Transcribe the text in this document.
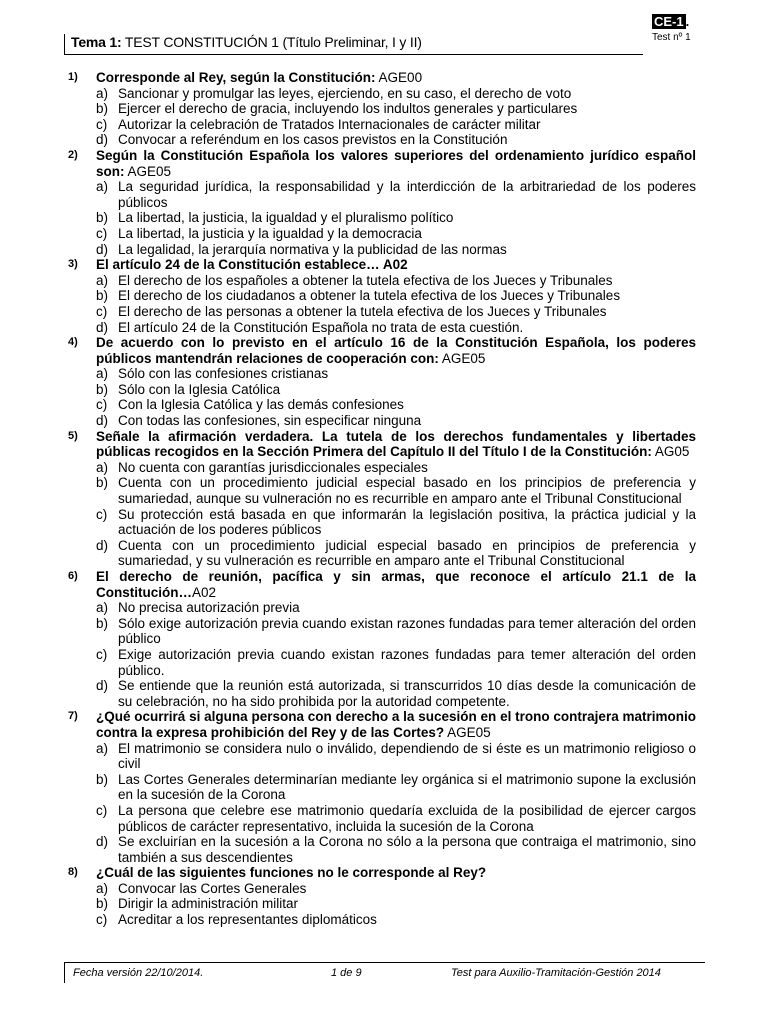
Tema 1: TEST CONSTITUCIÓN 1 (Título Preliminar, I y II)
CE-1 .
Test nº 1
1)	Corresponde al Rey, según la Constitución: AGE00
a) Sancionar y promulgar las leyes, ejerciendo, en su caso, el derecho de voto
b) Ejercer el derecho de gracia, incluyendo los indultos generales y particulares
c) Autorizar la celebración de Tratados Internacionales de carácter militar
d) Convocar a referéndum en los casos previstos en la Constitución
2)	Según la Constitución Española los valores superiores del ordenamiento jurídico español son: AGE05
a) La seguridad jurídica, la responsabilidad y la interdicción de la arbitrariedad de los poderes públicos
b) La libertad, la justicia, la igualdad y el pluralismo político
c) La libertad, la justicia y la igualdad y la democracia
d) La legalidad, la jerarquía normativa y la publicidad de las normas
3)	El artículo 24 de la Constitución establece… A02
a) El derecho de los españoles a obtener la tutela efectiva de los Jueces y Tribunales
b) El derecho de los ciudadanos a obtener la tutela efectiva de los Jueces y Tribunales
c) El derecho de las personas a obtener la tutela efectiva de los Jueces y Tribunales
d) El artículo 24 de la Constitución Española no trata de esta cuestión.
4)	De acuerdo con lo previsto en el artículo 16 de la Constitución Española, los poderes públicos mantendrán relaciones de cooperación con: AGE05
a) Sólo con las confesiones cristianas
b) Sólo con la Iglesia Católica
c) Con la Iglesia Católica y las demás confesiones
d) Con todas las confesiones, sin especificar ninguna
5)	Señale la afirmación verdadera. La tutela de los derechos fundamentales y libertades públicas recogidos en la Sección Primera del Capítulo II del Título I de la Constitución: AG05
a) No cuenta con garantías jurisdiccionales especiales
b) Cuenta con un procedimiento judicial especial basado en los principios de preferencia y sumariedad, aunque su vulneración no es recurrible en amparo ante el Tribunal Constitucional
c) Su protección está basada en que informarán la legislación positiva, la práctica judicial y la actuación de los poderes públicos
d) Cuenta con un procedimiento judicial especial basado en principios de preferencia y sumariedad, y su vulneración es recurrible en amparo ante el Tribunal Constitucional
6)	El derecho de reunión, pacífica y sin armas, que reconoce el artículo 21.1 de la Constitución…A02
a) No precisa autorización previa
b) Sólo exige autorización previa cuando existan razones fundadas para temer alteración del orden público
c) Exige autorización previa cuando existan razones fundadas para temer alteración del orden público.
d) Se entiende que la reunión está autorizada, si transcurridos 10 días desde la comunicación de su celebración, no ha sido prohibida por la autoridad competente.
7)	¿Qué ocurrirá si alguna persona con derecho a la sucesión en el trono contrajera matrimonio contra la expresa prohibición del Rey y de las Cortes? AGE05
a) El matrimonio se considera nulo o inválido, dependiendo de si éste es un matrimonio religioso o civil
b) Las Cortes Generales determinarían mediante ley orgánica si el matrimonio supone la exclusión en la sucesión de la Corona
c) La persona que celebre ese matrimonio quedaría excluida de la posibilidad de ejercer cargos públicos de carácter representativo, incluida la sucesión de la Corona
d) Se excluirían en la sucesión a la Corona no sólo a la persona que contraiga el matrimonio, sino también a sus descendientes
8)	¿Cuál de las siguientes funciones no le corresponde al Rey?
a) Convocar las Cortes Generales
b) Dirigir la administración militar
c) Acreditar a los representantes diplomáticos
Fecha versión 22/10/2014.	1 de 9	Test para Auxilio-Tramitación-Gestión 2014
